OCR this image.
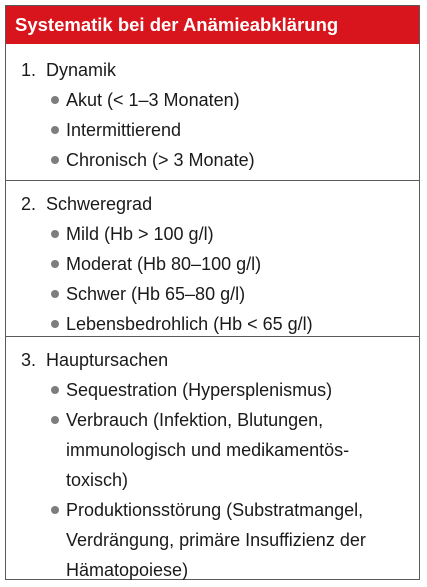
Systematik bei der Anämieabklärung
1. Dynamik
Akut (< 1–3 Monaten)
Intermittierend
Chronisch (> 3 Monate)
2. Schweregrad
Mild (Hb > 100 g/l)
Moderat (Hb 80–100 g/l)
Schwer (Hb 65–80 g/l)
Lebensbedrohlich (Hb < 65 g/l)
3. Hauptursachen
Sequestration (Hypersplenismus)
Verbrauch (Infektion, Blutungen, immunologisch und medikamentös-toxisch)
Produktionsstörung (Substratmangel, Verdrängung, primäre Insuffizienz der Hämatopoiese)
